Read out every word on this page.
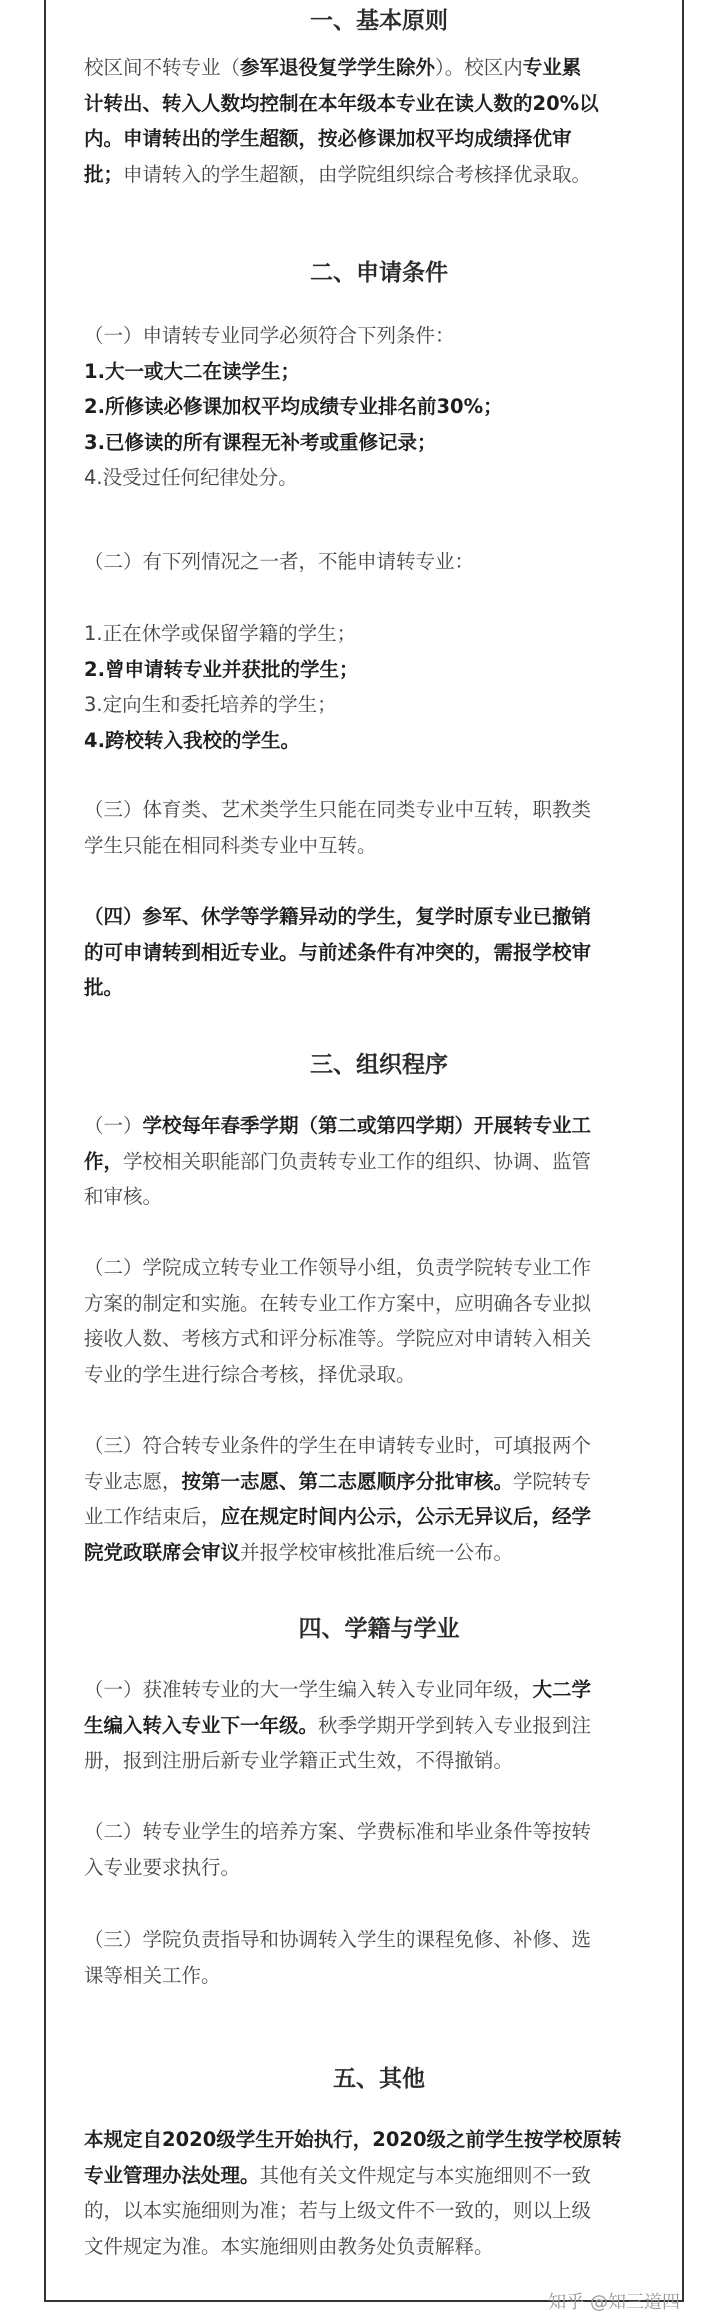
一、基本原则
校区间不转专业（参军退役复学学生除外）。校区内专业累
计转出、转入人数均控制在本年级本专业在读人数的20%以
内。申请转出的学生超额，按必修课加权平均成绩择优审
批；申请转入的学生超额，由学院组织综合考核择优录取。
二、申请条件
（一）申请转专业同学必须符合下列条件：
1.大一或大二在读学生；
2.所修读必修课加权平均成绩专业排名前30%；
3.已修读的所有课程无补考或重修记录；
4.没受过任何纪律处分。
（二）有下列情况之一者，不能申请转专业：
1.正在休学或保留学籍的学生；
2.曾申请转专业并获批的学生；
3.定向生和委托培养的学生；
4.跨校转入我校的学生。
（三）体育类、艺术类学生只能在同类专业中互转，职教类
学生只能在相同科类专业中互转。
（四）参军、休学等学籍异动的学生，复学时原专业已撤销
的可申请转到相近专业。与前述条件有冲突的，需报学校审
批。
三、组织程序
（一）学校每年春季学期（第二或第四学期）开展转专业工
作，学校相关职能部门负责转专业工作的组织、协调、监管
和审核。
（二）学院成立转专业工作领导小组，负责学院转专业工作
方案的制定和实施。在转专业工作方案中，应明确各专业拟
接收人数、考核方式和评分标准等。学院应对申请转入相关
专业的学生进行综合考核，择优录取。
（三）符合转专业条件的学生在申请转专业时，可填报两个
专业志愿，按第一志愿、第二志愿顺序分批审核。学院转专
业工作结束后，应在规定时间内公示，公示无异议后，经学
院党政联席会审议并报学校审核批准后统一公布。
四、学籍与学业
（一）获准转专业的大一学生编入转入专业同年级，大二学
生编入转入专业下一年级。秋季学期开学到转入专业报到注
册，报到注册后新专业学籍正式生效，不得撤销。
（二）转专业学生的培养方案、学费标准和毕业条件等按转
入专业要求执行。
（三）学院负责指导和协调转入学生的课程免修、补修、选
课等相关工作。
五、其他
本规定自2020级学生开始执行，2020级之前学生按学校原转
专业管理办法处理。其他有关文件规定与本实施细则不一致
的，以本实施细则为准；若与上级文件不一致的，则以上级
文件规定为准。本实施细则由教务处负责解释。
知乎 @知三道四
